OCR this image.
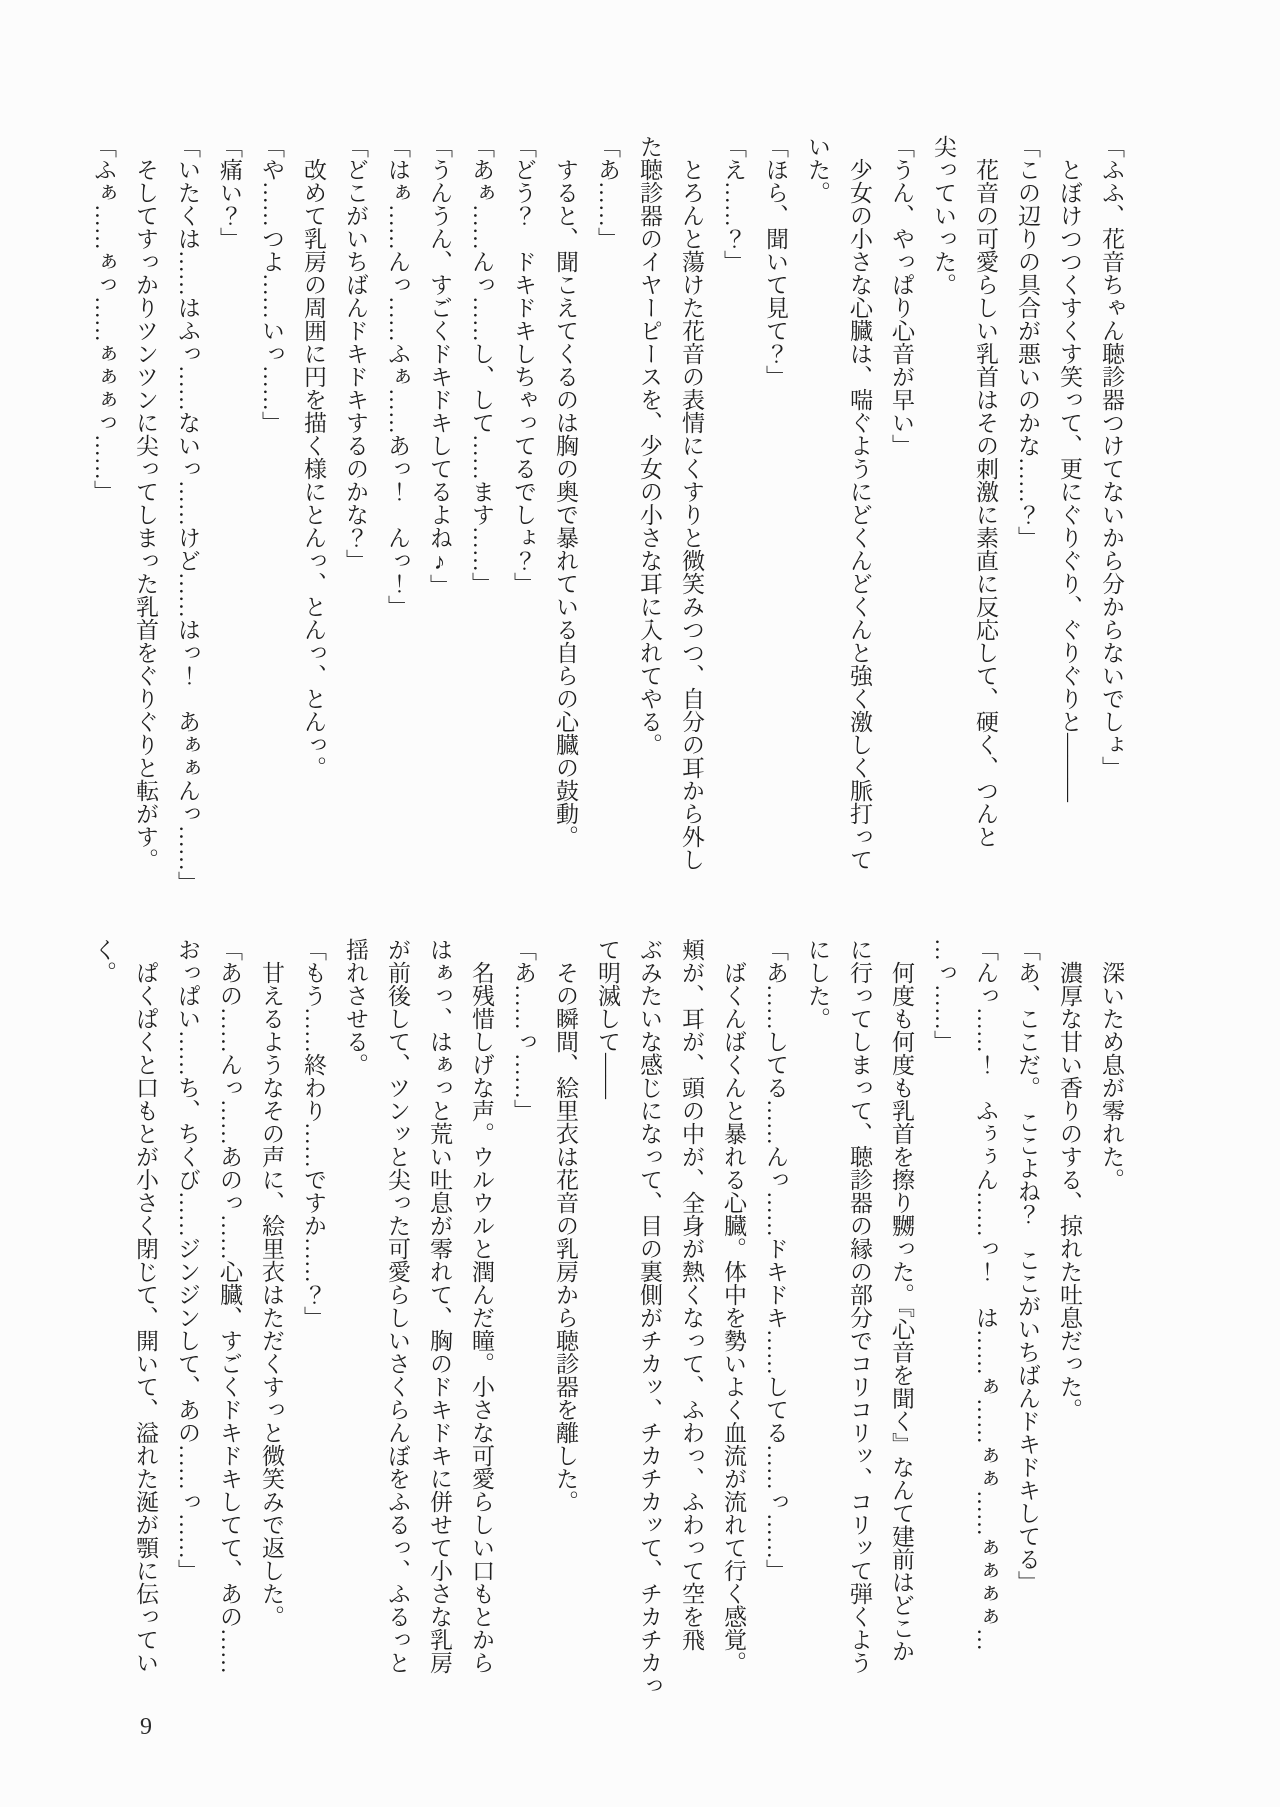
「ふふ、花音ちゃん聴診器つけてないから分からないでしょ」
　とぼけつつくすくす笑って、更にぐりぐり、ぐりぐりと―――
「この辺りの具合が悪いのかな……？」
　花音の可愛らしい乳首はその刺激に素直に反応して、硬く、つんと
尖っていった。
「うん、やっぱり心音が早い」
　少女の小さな心臓は、喘ぐようにどくんどくんと強く激しく脈打って
いた。
「ほら、聞いて見て？」
「え……？」
　とろんと蕩けた花音の表情にくすりと微笑みつつ、自分の耳から外し
た聴診器のイヤーピースを、少女の小さな耳に入れてやる。
「あ……」
　すると、聞こえてくるのは胸の奥で暴れている自らの心臓の鼓動。
「どう？　ドキドキしちゃってるでしょ？」
「あぁ……んっ……し、して……ます……」
「うんうん、すごくドキドキしてるよね♪」
「はぁ……んっ……ふぁ……あっ！　んっ！」
「どこがいちばんドキドキするのかな？」
　改めて乳房の周囲に円を描く様にとんっ、とんっ、とんっ。
「や……つよ……いっ……」
「痛い？」
「いたくは……はふっ……ないっ……けど……はっ！　あぁぁんっ……」
　そしてすっかりツンツンに尖ってしまった乳首をぐりぐりと転がす。
「ふぁ……ぁっ……ぁぁぁっ……」
　深いため息が零れた。
　濃厚な甘い香りのする、掠れた吐息だった。
「あ、ここだ。　ここよね？　ここがいちばんドキドキしてる」
「んっ……！　ふぅぅん……っ！　は……ぁ……ぁぁ……ぁぁぁぁ…
…っ……」
　何度も何度も乳首を擦り嬲った。『心音を聞く』なんて建前はどこか
に行ってしまって、聴診器の縁の部分でコリコリッ、コリッて弾くよう
にした。
「あ……してる……んっ……ドキドキ……してる……っ……」
　ばくんばくんと暴れる心臓。体中を勢いよく血流が流れて行く感覚。
頬が、耳が、頭の中が、全身が熱くなって、ふわっ、ふわって空を飛
ぶみたいな感じになって、目の裏側がチカッ、チカチカッて、チカチカっ
て明滅して――
　その瞬間、絵里衣は花音の乳房から聴診器を離した。
「あ……っ……」
　名残惜しげな声。ウルウルと潤んだ瞳。小さな可愛らしい口もとから
はぁっ、はぁっと荒い吐息が零れて、胸のドキドキに併せて小さな乳房
が前後して、ツンッと尖った可愛らしいさくらんぼをふるっ、ふるっと
揺れさせる。
「もう……終わり……ですか……？」
　甘えるようなその声に、絵里衣はただくすっと微笑みで返した。
「あの……んっ……あのっ……心臓、すごくドキドキしてて、あの……
おっぱい……ち、ちくび……ジンジンして、あの……っ……」
　ぱくぱくと口もとが小さく閉じて、開いて、溢れた涎が顎に伝ってい
く。
9
